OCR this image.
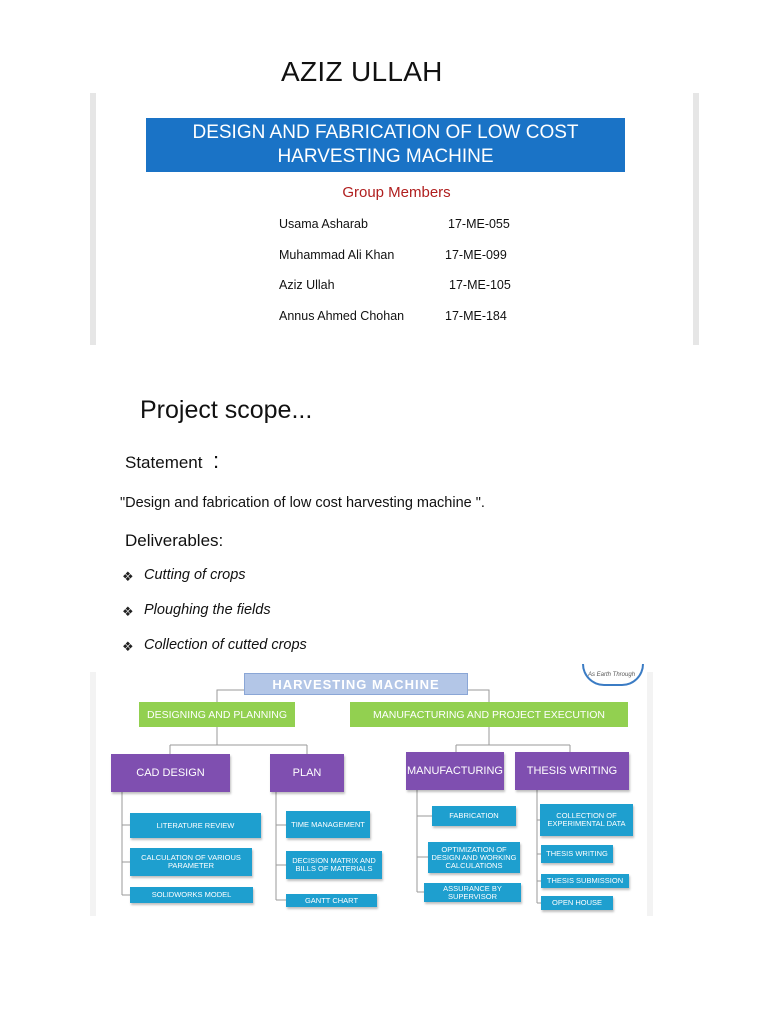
AZIZ ULLAH
DESIGN AND FABRICATION OF LOW COST
HARVESTING MACHINE
Group Members
Usama Asharab	17-ME-055
Muhammad Ali Khan	17-ME-099
Aziz Ullah	17-ME-105
Annus Ahmed Chohan	17-ME-184
Project scope...
Statement :
"Design and fabrication of low cost harvesting machine ".
Deliverables:
❖ Cutting of crops
❖ Ploughing the fields
❖ Collection of cutted crops
As Earth Through
HARVESTING MACHINE
DESIGNING AND PLANNING	MANUFACTURING AND PROJECT EXECUTION
CAD DESIGN	PLAN	MANUFACTURING	THESIS WRITING
LITERATURE REVIEW
CALCULATION OF VARIOUS PARAMETER
SOLIDWORKS MODEL
TIME MANAGEMENT
DECISION MATRIX AND BILLS OF MATERIALS
GANTT CHART
FABRICATION
OPTIMIZATION OF DESIGN AND WORKING CALCULATIONS
ASSURANCE BY SUPERVISOR
COLLECTION OF EXPERIMENTAL DATA
THESIS WRITING
THESIS SUBMISSION
OPEN HOUSE
